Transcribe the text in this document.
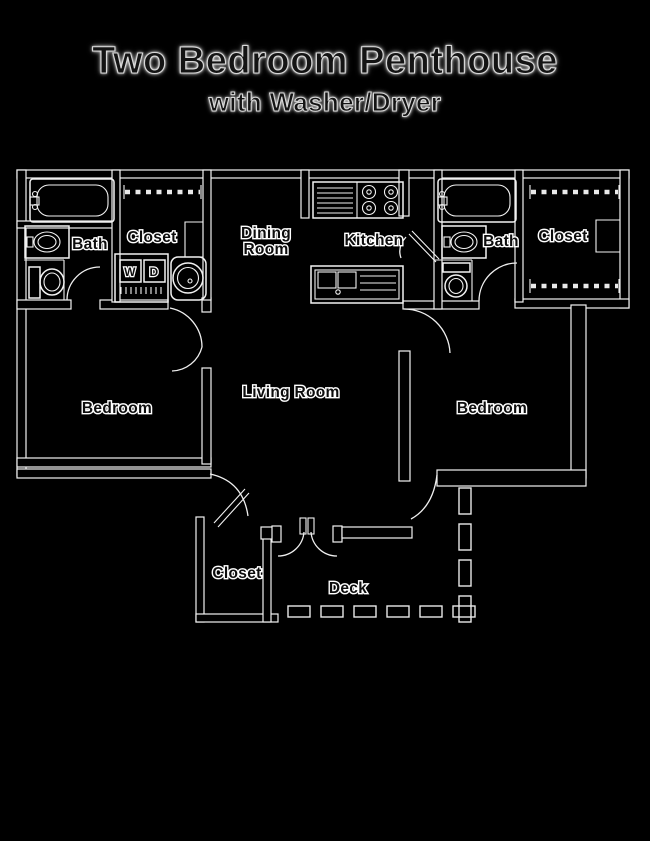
Two Bedroom Penthouse
with Washer/Dryer
Bath Closet
W D
Dining
Room
Kitchen	Bath Closet
Bedroom
Living Room
Bedroom
Closet
Deck
